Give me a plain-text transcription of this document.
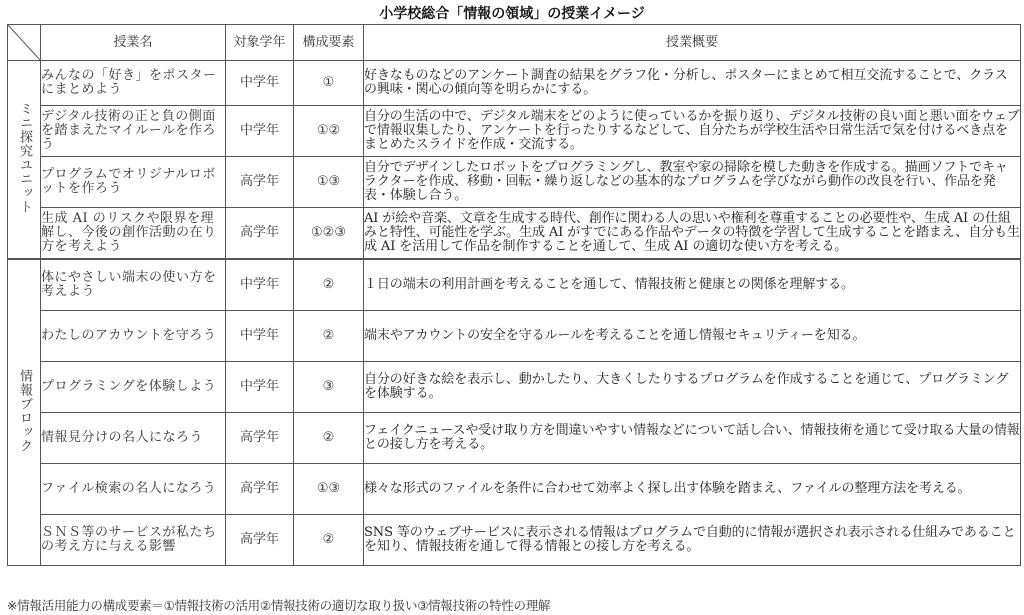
小学校総合「情報の領域」の授業イメージ
	授業名	対象学年	構成要素	授業概要
ミニ探究ユニット	みんなの「好き」をポスターにまとめよう	中学年	①	好きなものなどのアンケート調査の結果をグラフ化・分析し、ポスターにまとめて相互交流することで、クラスの興味・関心の傾向等を明らかにする。
	デジタル技術の正と負の側面を踏まえたマイルールを作ろう	中学年	①②	自分の生活の中で、デジタル端末をどのように使っているかを振り返り、デジタル技術の良い面と悪い面をウェブで情報収集したり、アンケートを行ったりするなどして、自分たちが学校生活や日常生活で気を付けるべき点をまとめたスライドを作成・交流する。
	プログラムでオリジナルロボットを作ろう	高学年	①③	自分でデザインしたロボットをプログラミングし、教室や家の掃除を模した動きを作成する。描画ソフトでキャラクターを作成、移動・回転・繰り返しなどの基本的なプログラムを学びながら動作の改良を行い、作品を発表・体験し合う。
	生成 AI のリスクや限界を理解し、今後の創作活動の在り方を考えよう	高学年	①②③	AI が絵や音楽、文章を生成する時代、創作に関わる人の思いや権利を尊重することの必要性や、生成 AI の仕組みと特性、可能性を学ぶ。生成 AI がすでにある作品やデータの特徴を学習して生成することを踏まえ、自分も生成 AI を活用して作品を制作することを通して、生成 AI の適切な使い方を考える。
情報ブロック	体にやさしい端末の使い方を考えよう	中学年	②	１日の端末の利用計画を考えることを通して、情報技術と健康との関係を理解する。
	わたしのアカウントを守ろう	中学年	②	端末やアカウントの安全を守るルールを考えることを通し情報セキュリティーを知る。
	プログラミングを体験しよう	中学年	③	自分の好きな絵を表示し、動かしたり、大きくしたりするプログラムを作成することを通じて、プログラミングを体験する。
	情報見分けの名人になろう	高学年	②	フェイクニュースや受け取り方を間違いやすい情報などについて話し合い、情報技術を通じて受け取る大量の情報との接し方を考える。
	ファイル検索の名人になろう	高学年	①③	様々な形式のファイルを条件に合わせて効率よく探し出す体験を踏まえ、ファイルの整理方法を考える。
	ＳＮＳ等のサービスが私たちの考え方に与える影響	高学年	②	SNS 等のウェブサービスに表示される情報はプログラムで自動的に情報が選択され表示される仕組みであることを知り、情報技術を通して得る情報との接し方を考える。
※情報活用能力の構成要素＝①情報技術の活用②情報技術の適切な取り扱い③情報技術の特性の理解
